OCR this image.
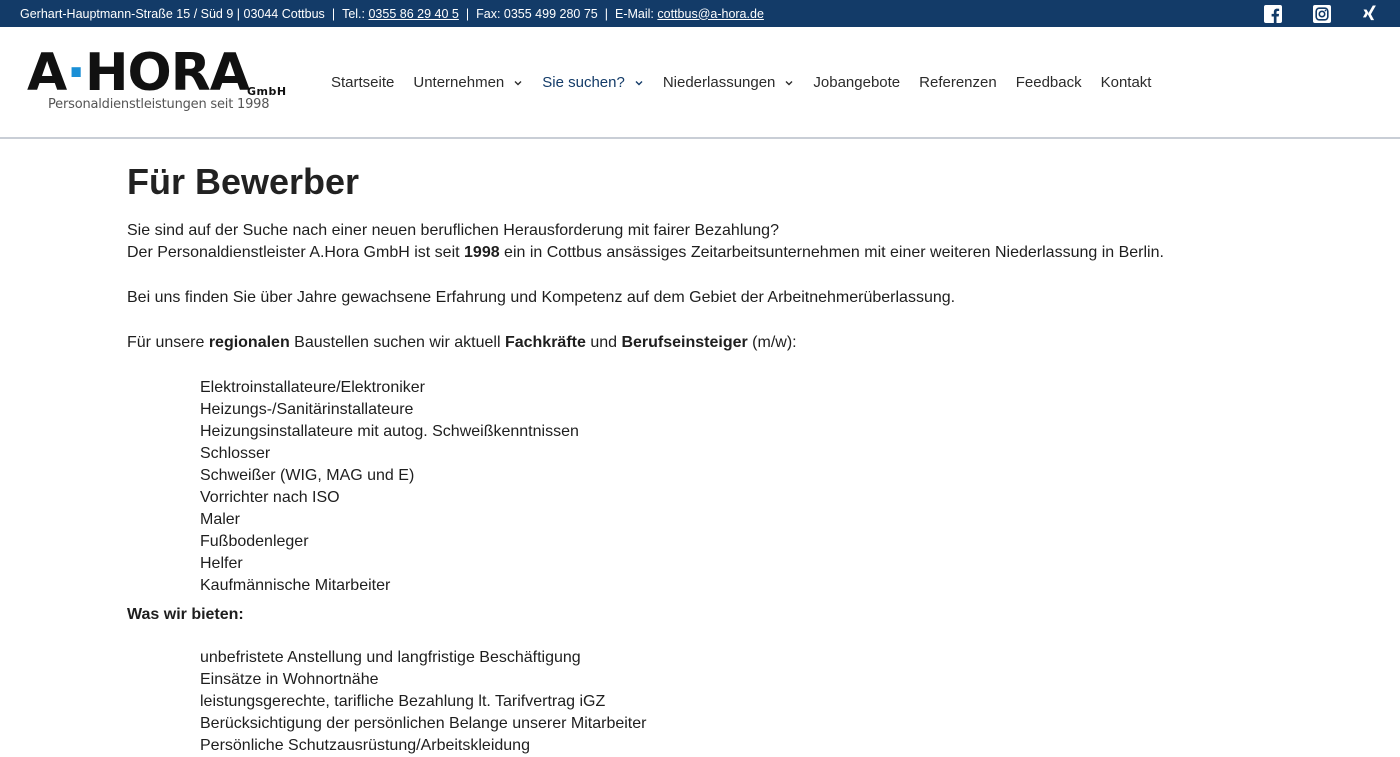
Gerhart-Hauptmann-Straße 15 / Süd 9 | 03044 Cottbus | Tel.:
0355 86 29 40 5 | Fax:
0355 499 280 75 | E-Mail:
cottbus@a-hora.de
A·HORA
GmbH
Personaldienstleistungen seit 1998
Startseite Unternehmen	Sie suchen?	Niederlassungen	Jobangebote Referenzen Feedback Kontakt
Für Bewerber

Sie sind auf der Suche nach einer neuen beruflichen Herausforderung mit fairer Bezahlung?
Der Personaldienstleister A.Hora GmbH ist seit 1998 ein in Cottbus ansässiges Zeitarbeitsunternehmen mit einer weiteren Niederlassung in Berlin.

Bei uns finden Sie über Jahre gewachsene Erfahrung und Kompetenz auf dem Gebiet der Arbeitnehmerüberlassung.

Für unsere regionalen Baustellen suchen wir aktuell Fachkräfte und Berufseinsteiger (m/w):

Elektroinstallateure/Elektroniker
Heizungs-/Sanitärinstallateure
Heizungsinstallateure mit autog. Schweißkenntnissen
Schlosser
Schweißer (WIG, MAG und E)
Vorrichter nach ISO
Maler
Fußbodenleger
Helfer
Kaufmännische Mitarbeiter
Was wir bieten:
unbefristete Anstellung und langfristige Beschäftigung
Einsätze in Wohnortnähe
leistungsgerechte, tarifliche Bezahlung lt. Tarifvertrag iGZ
Berücksichtigung der persönlichen Belange unserer Mitarbeiter
Persönliche Schutzausrüstung/Arbeitskleidung
